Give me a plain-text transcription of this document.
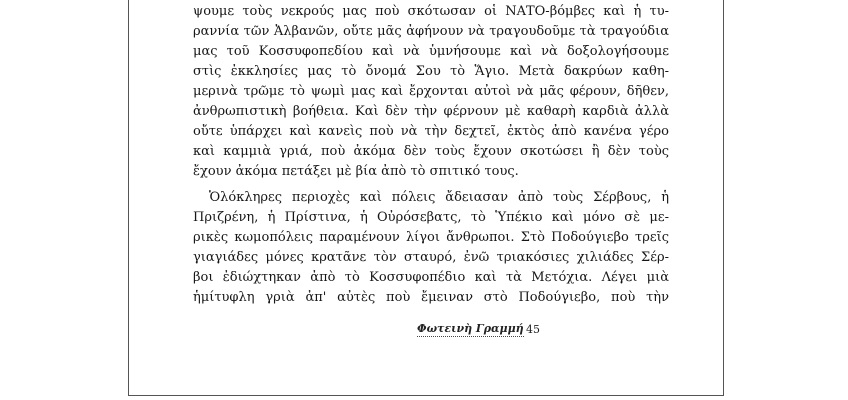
ψουμε τοὺς νεκρούς μας ποὺ σκότωσαν οἱ ΝΑΤΟ-βόμβες καὶ ἡ τυ-
ραννία τῶν Ἀλβανῶν, οὔτε μᾶς ἀφήνουν νὰ τραγουδοῦμε τὰ τραγούδια
μας τοῦ Κοσσυφοπεδίου καὶ νὰ ὑμνήσουμε καὶ νὰ δοξολογήσουμε
στὶς ἐκκλησίες μας τὸ ὄνομά Σου τὸ Ἅγιο. Μετὰ δακρύων καθη-
μερινὰ τρῶμε τὸ ψωμὶ μας καὶ ἔρχονται αὐτοὶ νὰ μᾶς φέρουν, δῆθεν,
ἀνθρωπιστικὴ βοήθεια. Καὶ δὲν τὴν φέρνουν μὲ καθαρὴ καρδιὰ ἀλλὰ
οὔτε ὑπάρχει καὶ κανεὶς ποὺ νὰ τὴν δεχτεῖ, ἐκτὸς ἀπὸ κανένα γέρο
καὶ καμμιὰ γριά, ποὺ ἀκόμα δὲν τοὺς ἔχουν σκοτώσει ἢ δὲν τοὺς
ἔχουν ἀκόμα πετάξει μὲ βία ἀπὸ τὸ σπιτικό τους.
Ὁλόκληρες περιοχὲς καὶ πόλεις ἄδειασαν ἀπὸ τοὺς Σέρβους, ἡ
Πριζρένη, ἡ Πρίστινα, ἡ Οὐρόσεβατς, τὸ Ὑπέκιο καὶ μόνο σὲ με-
ρικὲς κωμοπόλεις παραμένουν λίγοι ἄνθρωποι. Στὸ Ποδούγιεβο τρεῖς
γιαγιάδες μόνες κρατᾶνε τὸν σταυρό, ἐνῶ τριακόσιες χιλιάδες Σέρ-
βοι ἐδιώχτηκαν ἀπὸ τὸ Κοσσυφοπέδιο καὶ τὰ Μετόχια. Λέγει μιὰ
ἡμίτυφλη γριὰ ἀπ' αὐτὲς ποὺ ἔμειναν στὸ Ποδούγιεβο, ποὺ τὴν
Φωτεινὴ Γραμμή 45
